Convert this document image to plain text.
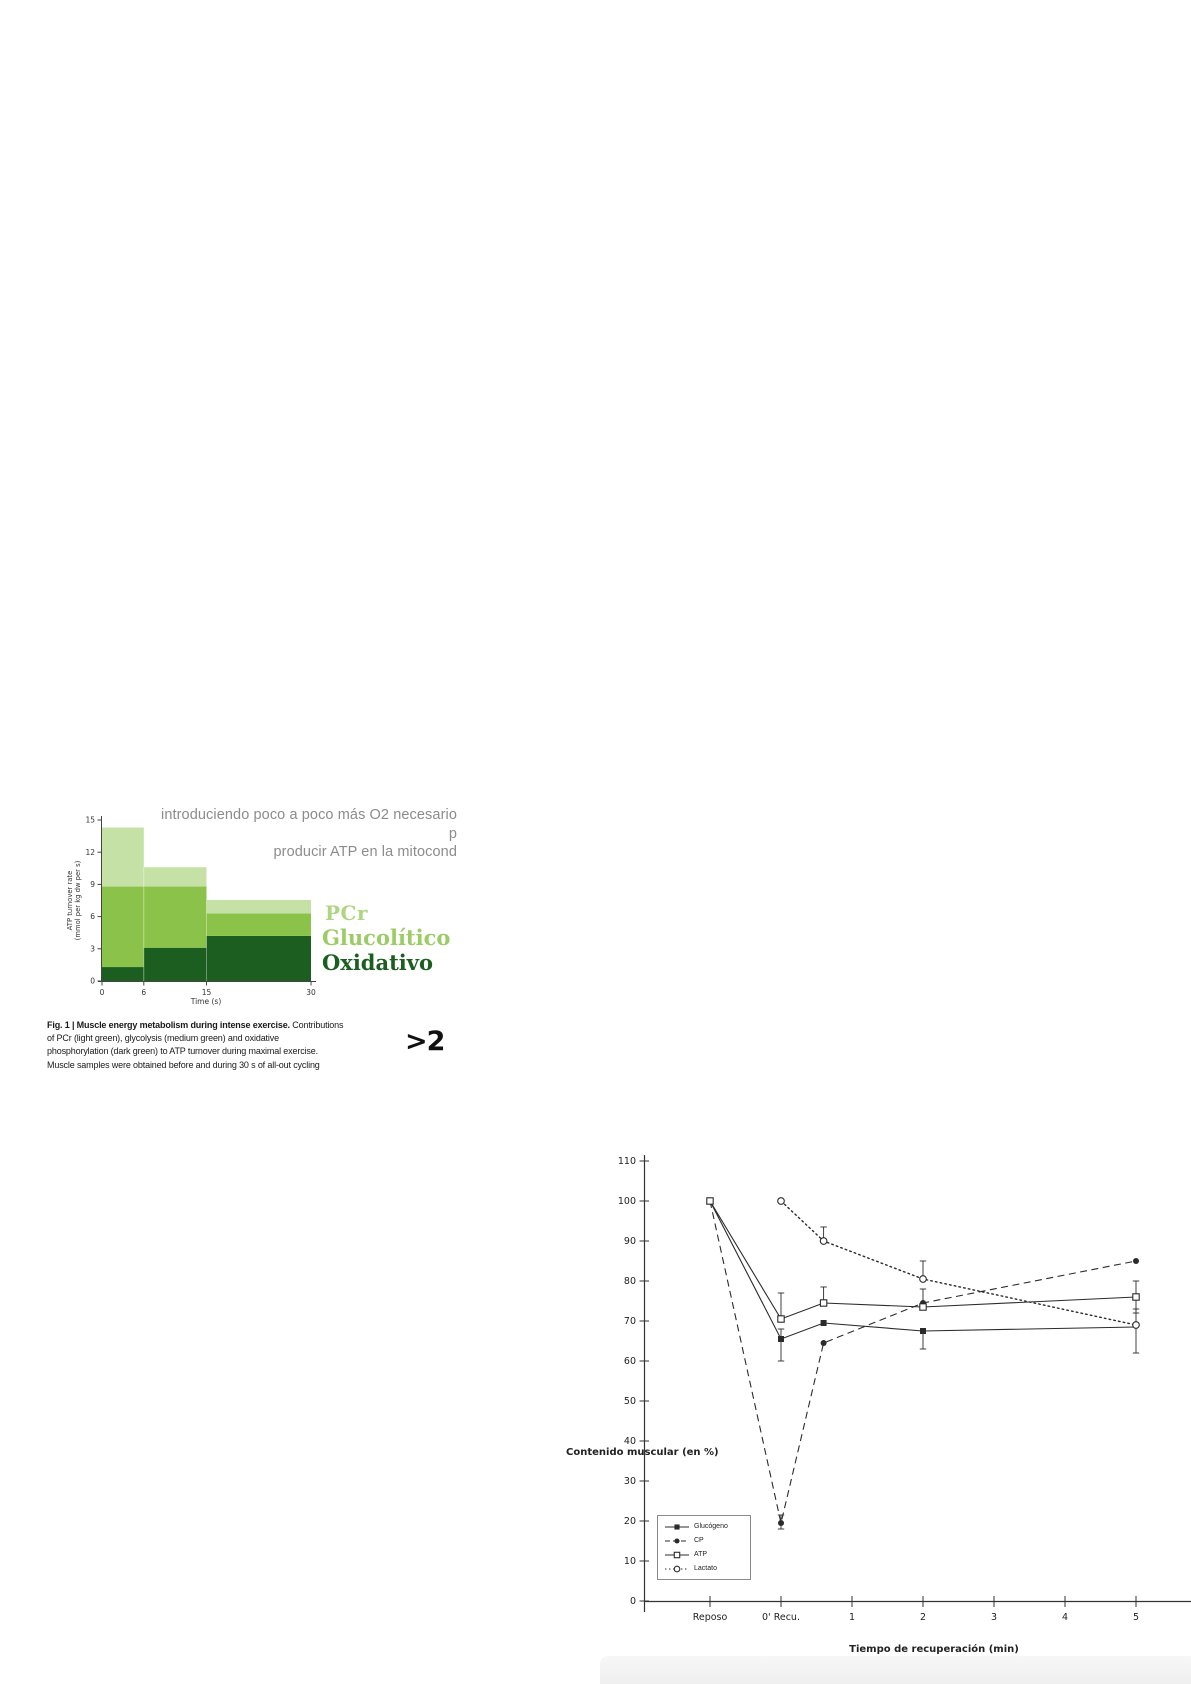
0
3
6
9
12
15
0	6	15	30
Time (s)
ATP turnover rate (mmol per kg dw per s)
0
10
20
30
40
50
60
70
80
90
100
110
Reposo	0' Recu.	1	2	3	4	5
Contenido muscular (en %)
Tiempo de recuperación (min)
introduciendo poco a poco más O2 necesario p
producir ATP en la mitocond
PCr
Glucolítico
Oxidativo
Fig. 1 | Muscle energy metabolism during intense exercise. Contributions
of PCr (light green), glycolysis (medium green) and oxidative
phosphorylation (dark green) to ATP turnover during maximal exercise.
Muscle samples were obtained before and during 30 s of all-out cycling
>2
Glucógeno
CP
ATP
Lactato
